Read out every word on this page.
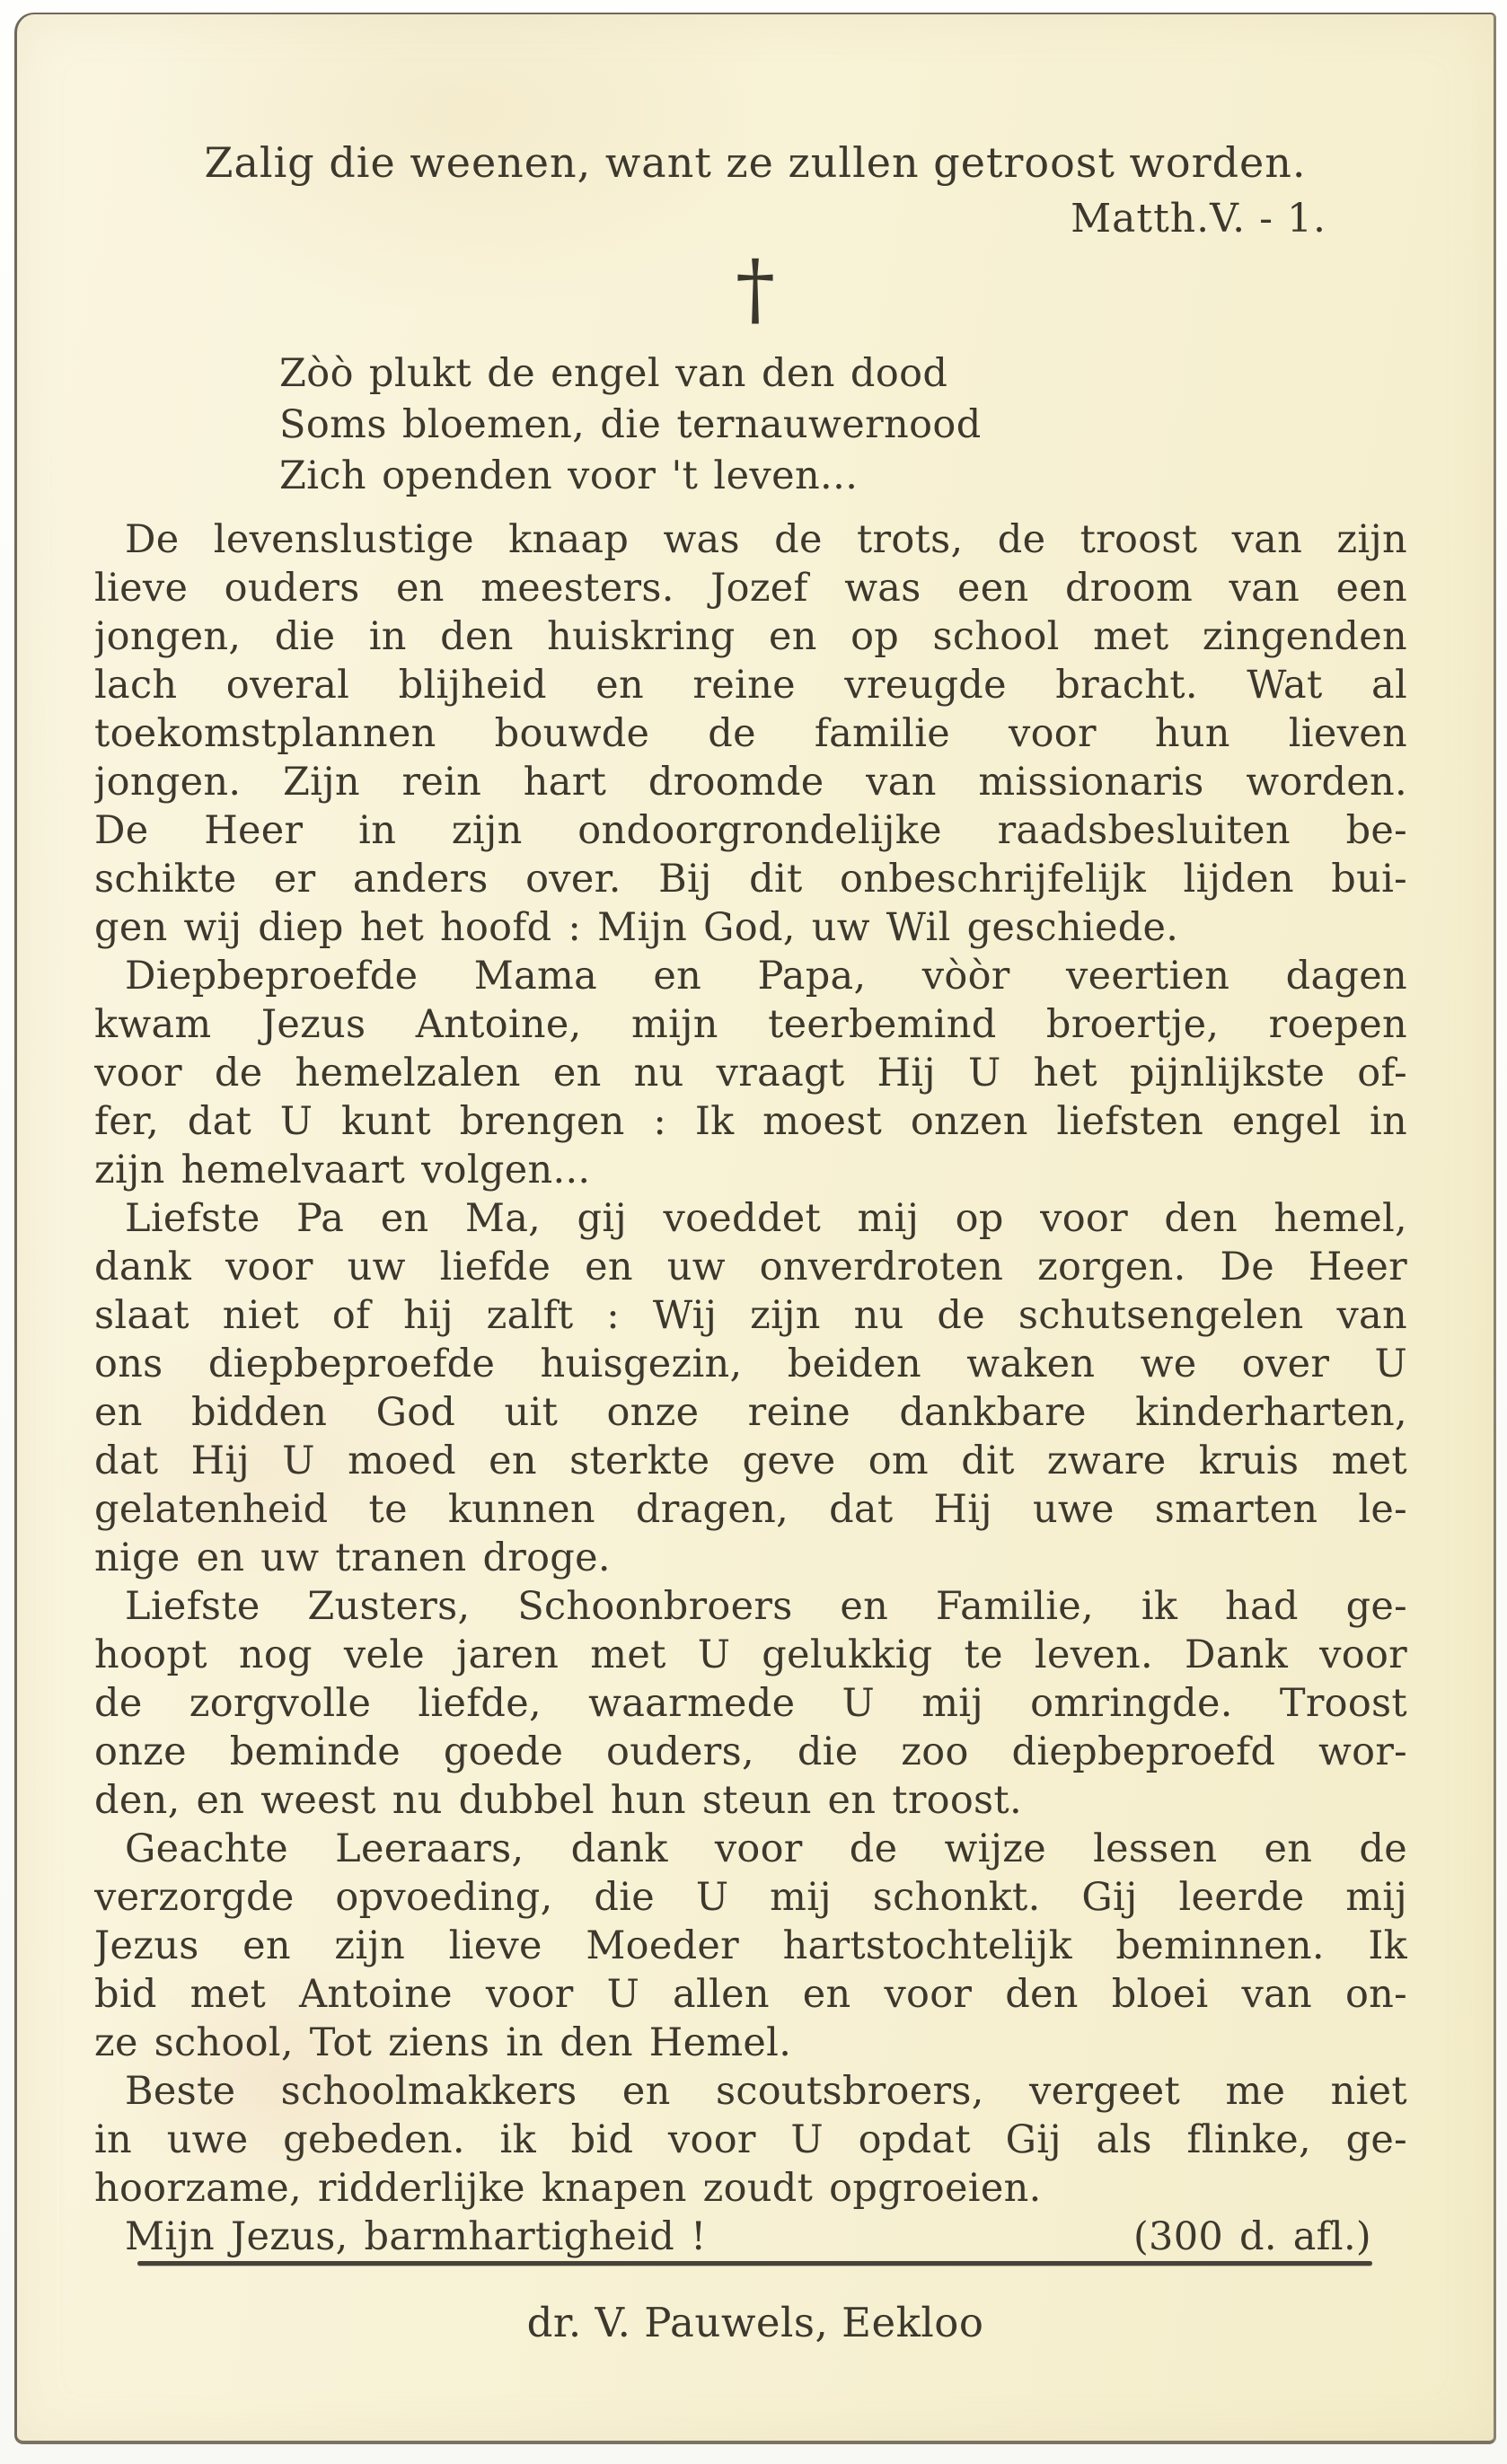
Zalig die weenen, want ze zullen getroost worden.
Matth.V. - 1.
†
Zòò plukt de engel van den dood
Soms bloemen, die ternauwernood
Zich openden voor 't leven...
De levenslustige knaap was de trots, de troost van zijn
lieve ouders en meesters. Jozef was een droom van een
jongen, die in den huiskring en op school met zingenden
lach overal blijheid en reine vreugde bracht. Wat al
toekomstplannen bouwde de familie voor hun lieven
jongen. Zijn rein hart droomde van missionaris worden.
De Heer in zijn ondoorgrondelijke raadsbesluiten be-
schikte er anders over. Bij dit onbeschrijfelijk lijden bui-
gen wij diep het hoofd : Mijn God, uw Wil geschiede.
Diepbeproefde Mama en Papa, vòòr veertien dagen
kwam Jezus Antoine, mijn teerbemind broertje, roepen
voor de hemelzalen en nu vraagt Hij U het pijnlijkste of-
fer, dat U kunt brengen : Ik moest onzen liefsten engel in
zijn hemelvaart volgen...
Liefste Pa en Ma, gij voeddet mij op voor den hemel,
dank voor uw liefde en uw onverdroten zorgen. De Heer
slaat niet of hij zalft : Wij zijn nu de schutsengelen van
ons diepbeproefde huisgezin, beiden waken we over U
en bidden God uit onze reine dankbare kinderharten,
dat Hij U moed en sterkte geve om dit zware kruis met
gelatenheid te kunnen dragen, dat Hij uwe smarten le-
nige en uw tranen droge.
Liefste Zusters, Schoonbroers en Familie, ik had ge-
hoopt nog vele jaren met U gelukkig te leven. Dank voor
de zorgvolle liefde, waarmede U mij omringde. Troost
onze beminde goede ouders, die zoo diepbeproefd wor-
den, en weest nu dubbel hun steun en troost.
Geachte Leeraars, dank voor de wijze lessen en de
verzorgde opvoeding, die U mij schonkt. Gij leerde mij
Jezus en zijn lieve Moeder hartstochtelijk beminnen. Ik
bid met Antoine voor U allen en voor den bloei van on-
ze school, Tot ziens in den Hemel.
Beste schoolmakkers en scoutsbroers, vergeet me niet
in uwe gebeden. ik bid voor U opdat Gij als flinke, ge-
hoorzame, ridderlijke knapen zoudt opgroeien.
Mijn Jezus, barmhartigheid !	(300 d. afl.)
dr. V. Pauwels, Eekloo
